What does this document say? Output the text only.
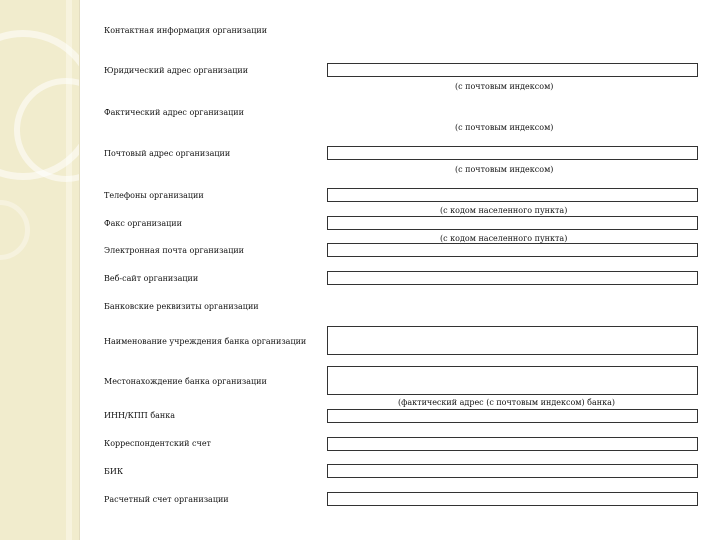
Контактная информация организации
Юридический адрес организации
(с почтовым индексом)
Фактический адрес организации
(с почтовым индексом)
Почтовый адрес организации
(с почтовым индексом)
Телефоны организации
(с кодом населенного пункта)
Факс организации
(с кодом населенного пункта)
Электронная почта организации
Веб-сайт организации
Банковские реквизиты организации
Наименование учреждения банка организации
Местонахождение банка организации
(фактический адрес (с почтовым индексом) банка)
ИНН/КПП банка
Корреспондентский счет
БИК
Расчетный счет организации
